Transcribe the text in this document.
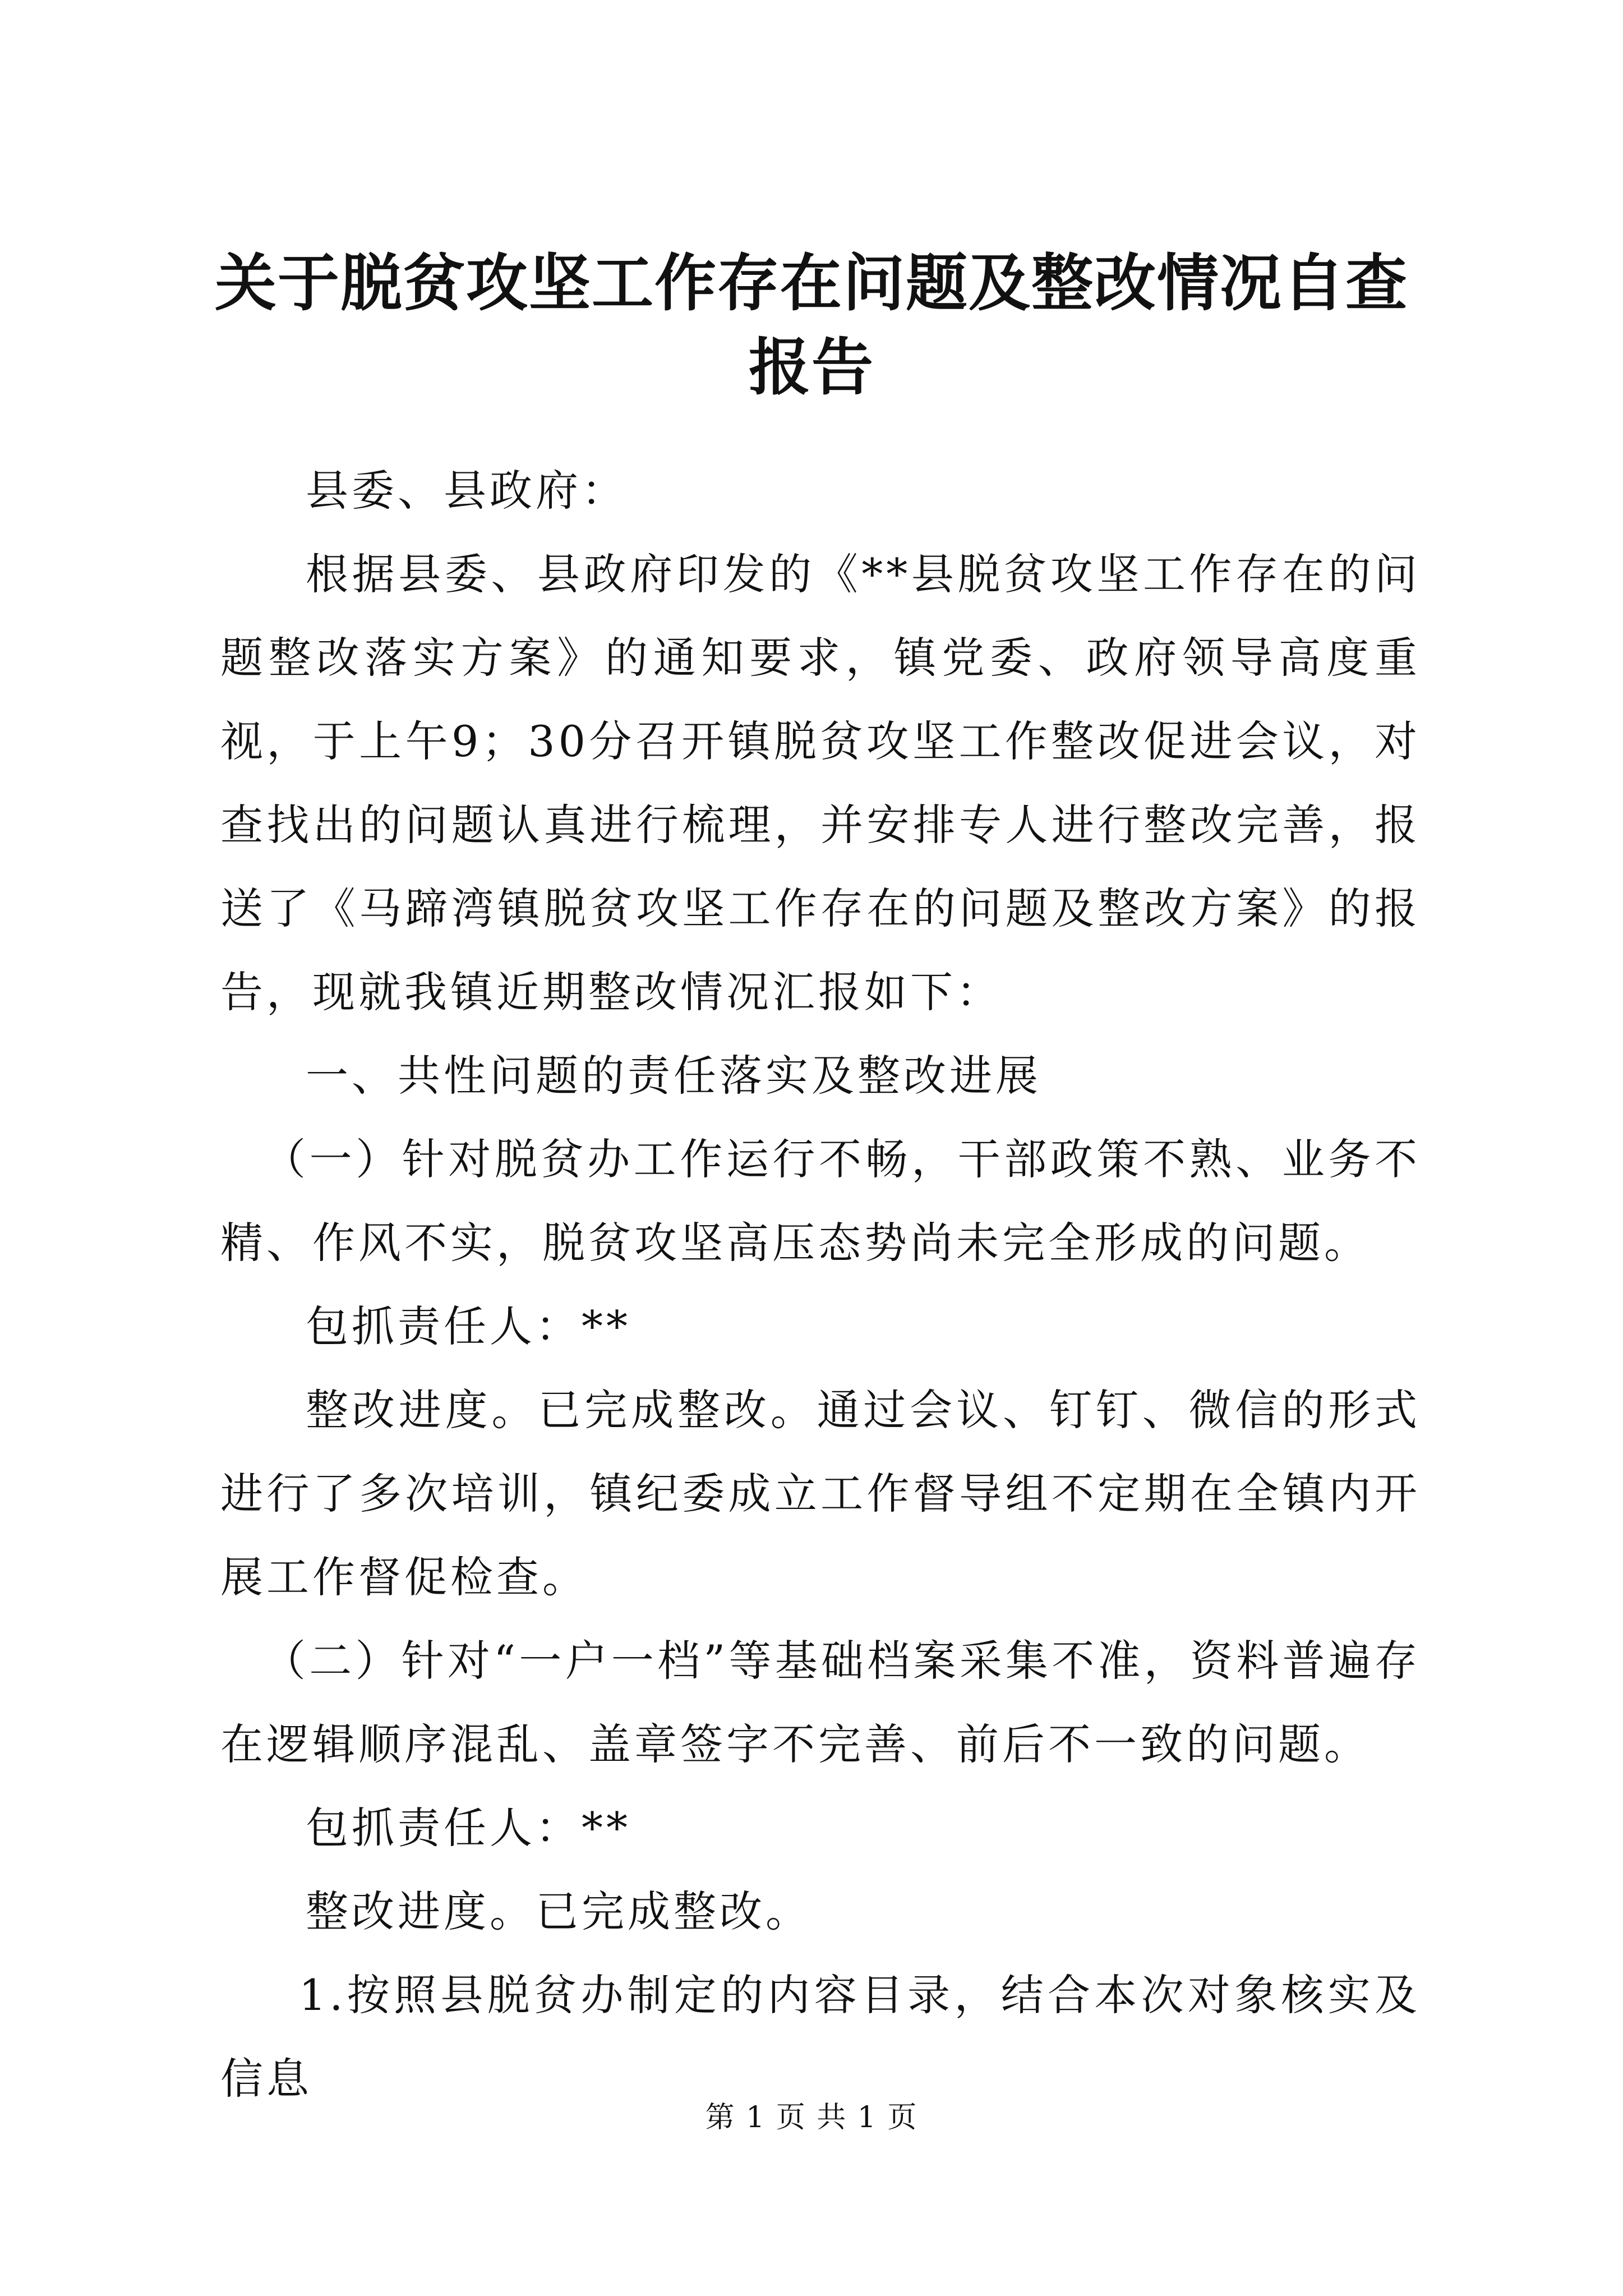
关于脱贫攻坚工作存在问题及整改情况自查报告

县委、县政府：

根据县委、县政府印发的《**县脱贫攻坚工作存在的问题整改落实方案》的通知要求，镇党委、政府领导高度重视，于上午9；30分召开镇脱贫攻坚工作整改促进会议，对查找出的问题认真进行梳理，并安排专人进行整改完善，报送了《马蹄湾镇脱贫攻坚工作存在的问题及整改方案》的报告，现就我镇近期整改情况汇报如下：

一、共性问题的责任落实及整改进展

（一）针对脱贫办工作运行不畅，干部政策不熟、业务不精、作风不实，脱贫攻坚高压态势尚未完全形成的问题。

包抓责任人：**

整改进度。已完成整改。通过会议、钉钉、微信的形式进行了多次培训，镇纪委成立工作督导组不定期在全镇内开展工作督促检查。

（二）针对“一户一档”等基础档案采集不准，资料普遍存在逻辑顺序混乱、盖章签字不完善、前后不一致的问题。

包抓责任人：**

整改进度。已完成整改。

1.按照县脱贫办制定的内容目录，结合本次对象核实及信息

第 1 页 共 1 页
